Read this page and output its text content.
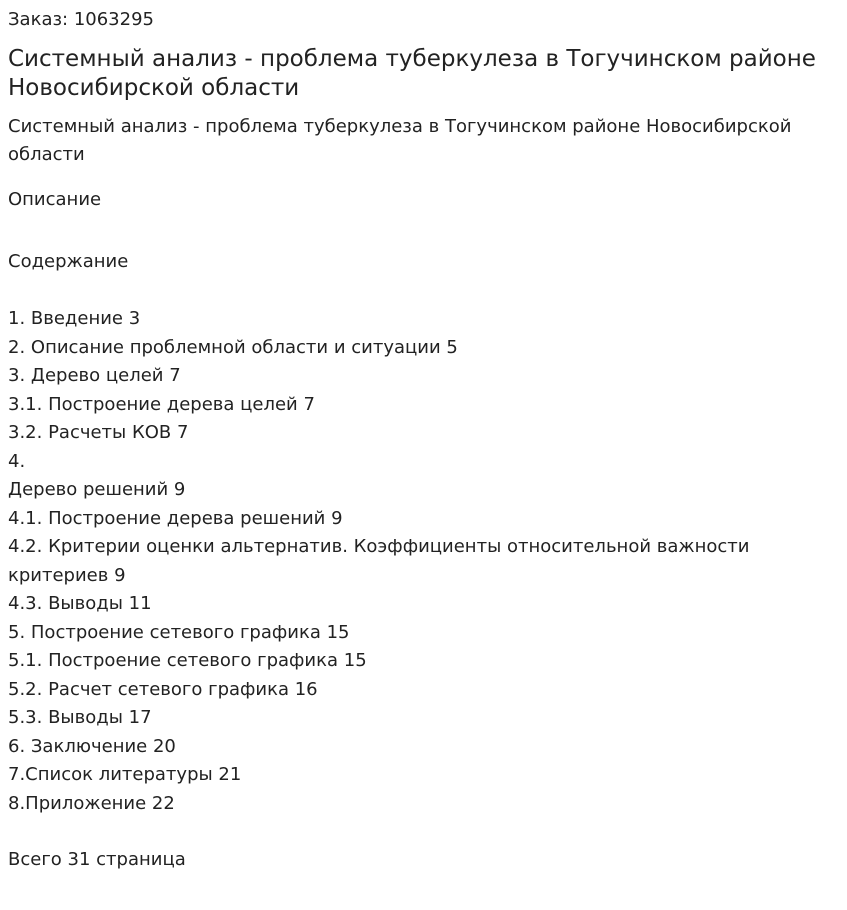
Заказ: 1063295
Системный анализ - проблема туберкулеза в Тогучинском районе Новосибирской области
Системный анализ - проблема туберкулеза в Тогучинском районе Новосибирской области
Описание
Содержание
1. Введение 3
2. Описание проблемной области и ситуации 5
3. Дерево целей 7
3.1. Построение дерева целей 7
3.2. Расчеты КОВ 7
4.
Дерево решений 9
4.1. Построение дерева решений 9
4.2. Критерии оценки альтернатив. Коэффициенты относительной важности критериев 9
4.3. Выводы 11
5. Построение сетевого графика 15
5.1. Построение сетевого графика 15
5.2. Расчет сетевого графика 16
5.3. Выводы 17
6. Заключение 20
7.Список литературы 21
8.Приложение 22
Всего 31 страница
